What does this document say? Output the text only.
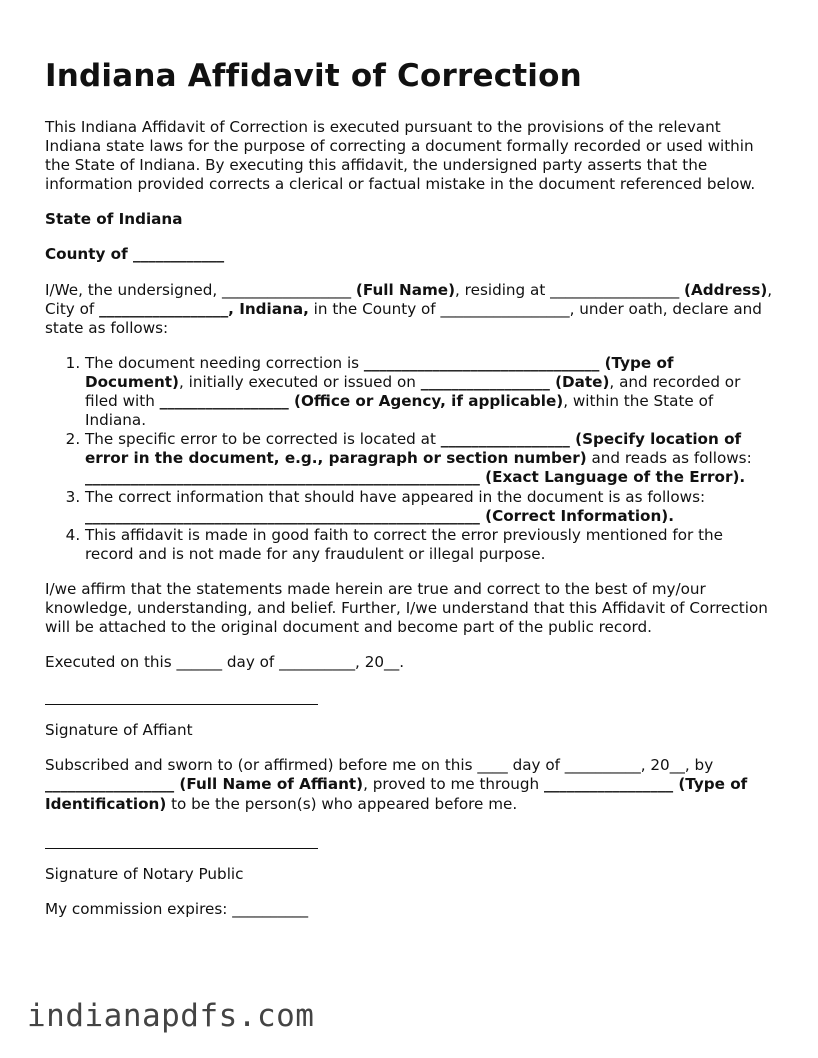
Indiana Affidavit of Correction

This Indiana Affidavit of Correction is executed pursuant to the provisions of the relevant Indiana state laws for the purpose of correcting a document formally recorded or used within the State of Indiana. By executing this affidavit, the undersigned party asserts that the information provided corrects a clerical or factual mistake in the document referenced below.

State of Indiana

County of ____________

I/We, the undersigned, _________________ (Full Name), residing at _________________ (Address), City of _________________, Indiana, in the County of _________________, under oath, declare and state as follows:

1. The document needing correction is _______________________________ (Type of Document), initially executed or issued on _________________ (Date), and recorded or filed with _________________ (Office or Agency, if applicable), within the State of Indiana.
2. The specific error to be corrected is located at _________________ (Specify location of error in the document, e.g., paragraph or section number) and reads as follows: ____________________________________________________ (Exact Language of the Error).
3. The correct information that should have appeared in the document is as follows: ____________________________________________________ (Correct Information).
4. This affidavit is made in good faith to correct the error previously mentioned for the record and is not made for any fraudulent or illegal purpose.

I/we affirm that the statements made herein are true and correct to the best of my/our knowledge, understanding, and belief. Further, I/we understand that this Affidavit of Correction will be attached to the original document and become part of the public record.

Executed on this ______ day of __________, 20__.

Signature of Affiant

Subscribed and sworn to (or affirmed) before me on this ____ day of __________, 20__, by _________________ (Full Name of Affiant), proved to me through _________________ (Type of Identification) to be the person(s) who appeared before me.

Signature of Notary Public

My commission expires: __________

indianapdfs.com
